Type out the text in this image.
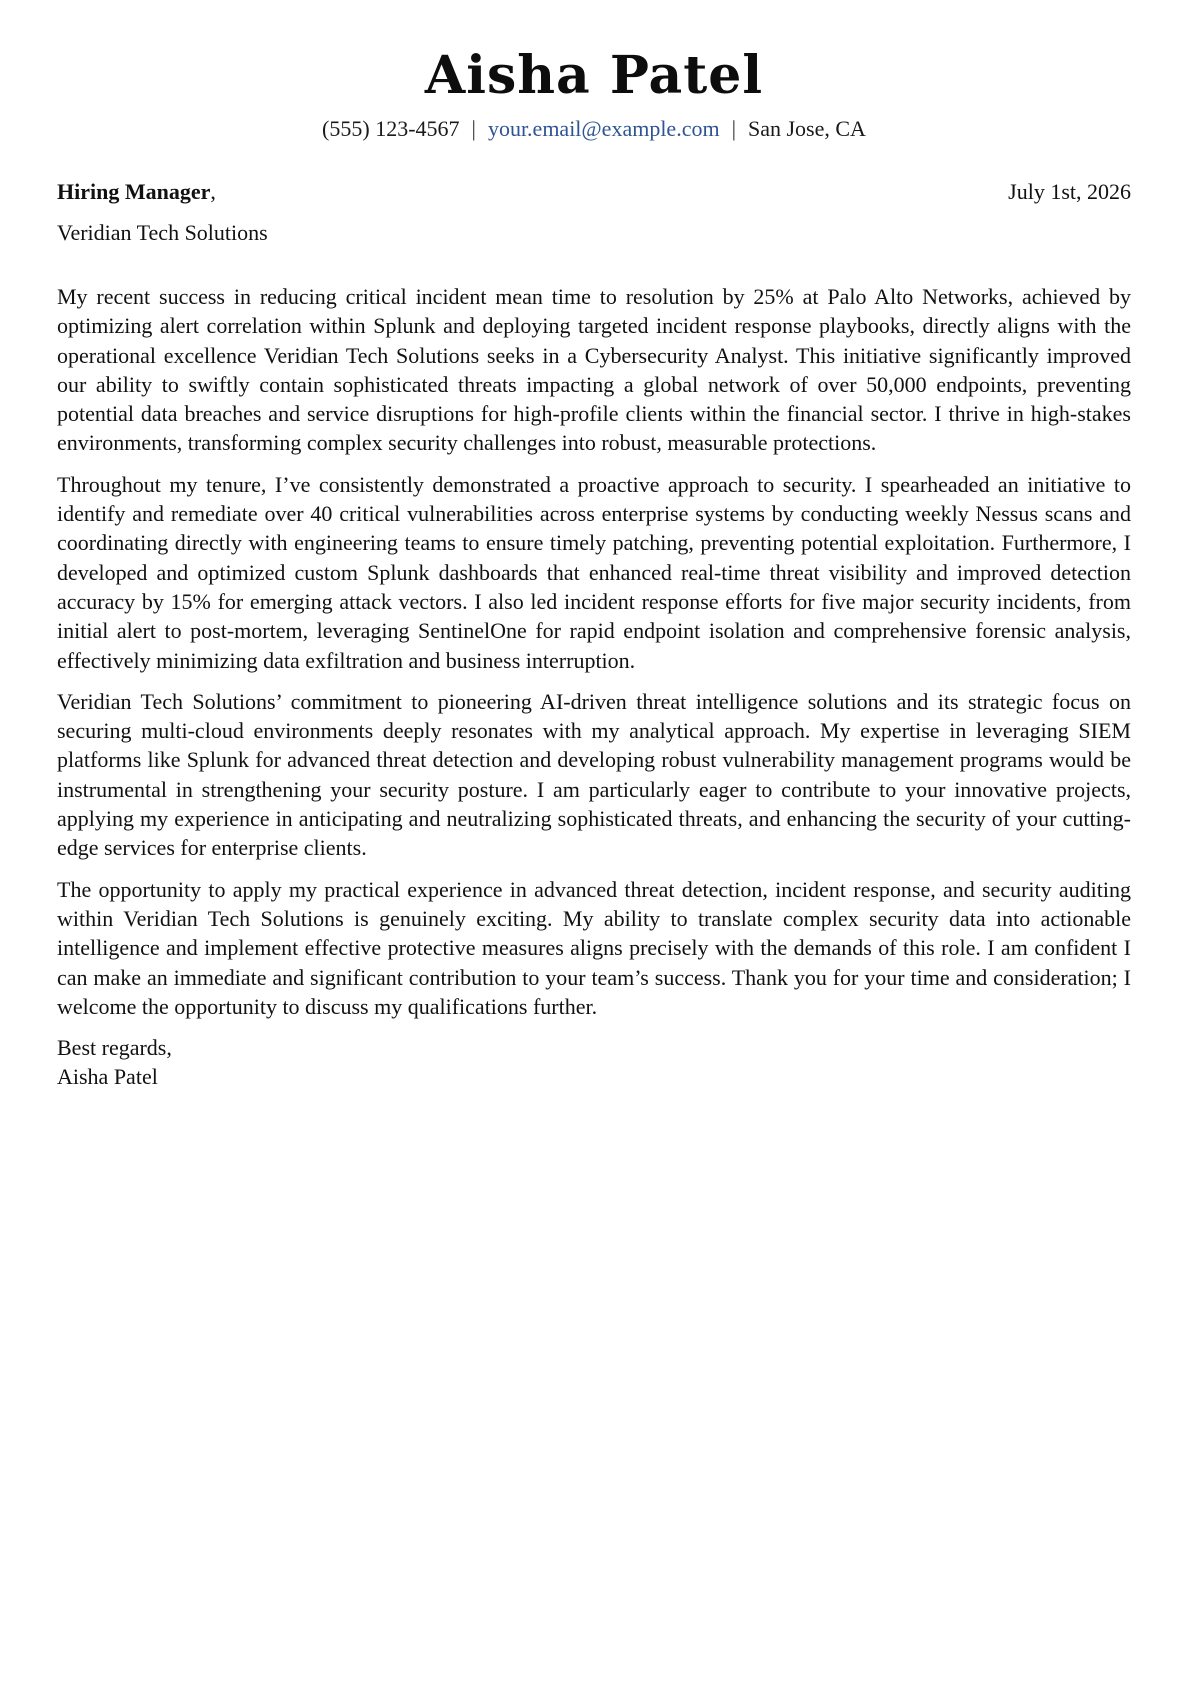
Aisha Patel
(555) 123-4567 | your.email@example.com | San Jose, CA
Hiring Manager,	July 1st, 2026
Veridian Tech Solutions

My recent success in reducing critical incident mean time to resolution by 25% at Palo Alto Networks, achieved by optimizing alert correlation within Splunk and deploying targeted incident response playbooks, directly aligns with the operational excellence Veridian Tech Solutions seeks in a Cybersecurity Analyst. This initiative significantly improved our ability to swiftly contain sophisticated threats impacting a global network of over 50,000 endpoints, preventing potential data breaches and service disruptions for high-profile clients within the financial sector. I thrive in high-stakes environments, transforming complex security challenges into robust, measurable protections.

Throughout my tenure, I’ve consistently demonstrated a proactive approach to security. I spearheaded an initiative to identify and remediate over 40 critical vulnerabilities across enterprise systems by conducting weekly Nessus scans and coordinating directly with engineering teams to ensure timely patching, preventing potential exploitation. Furthermore, I developed and optimized custom Splunk dashboards that enhanced real-time threat visibility and improved detection accuracy by 15% for emerging attack vectors. I also led incident response efforts for five major security incidents, from initial alert to post-mortem, leveraging SentinelOne for rapid endpoint isolation and comprehensive forensic analysis, effectively minimizing data exfiltration and business interruption.

Veridian Tech Solutions’ commitment to pioneering AI-driven threat intelligence solutions and its strategic focus on securing multi-cloud environments deeply resonates with my analytical approach. My expertise in leveraging SIEM platforms like Splunk for advanced threat detection and developing robust vulnerability management programs would be instrumental in strengthening your security posture. I am particularly eager to contribute to your innovative projects, applying my experience in anticipating and neutralizing sophisticated threats, and enhancing the security of your cutting-edge services for enterprise clients.

The opportunity to apply my practical experience in advanced threat detection, incident response, and security auditing within Veridian Tech Solutions is genuinely exciting. My ability to translate complex security data into actionable intelligence and implement effective protective measures aligns precisely with the demands of this role. I am confident I can make an immediate and significant contribution to your team’s success. Thank you for your time and consideration; I welcome the opportunity to discuss my qualifications further.

Best regards,
Aisha Patel
